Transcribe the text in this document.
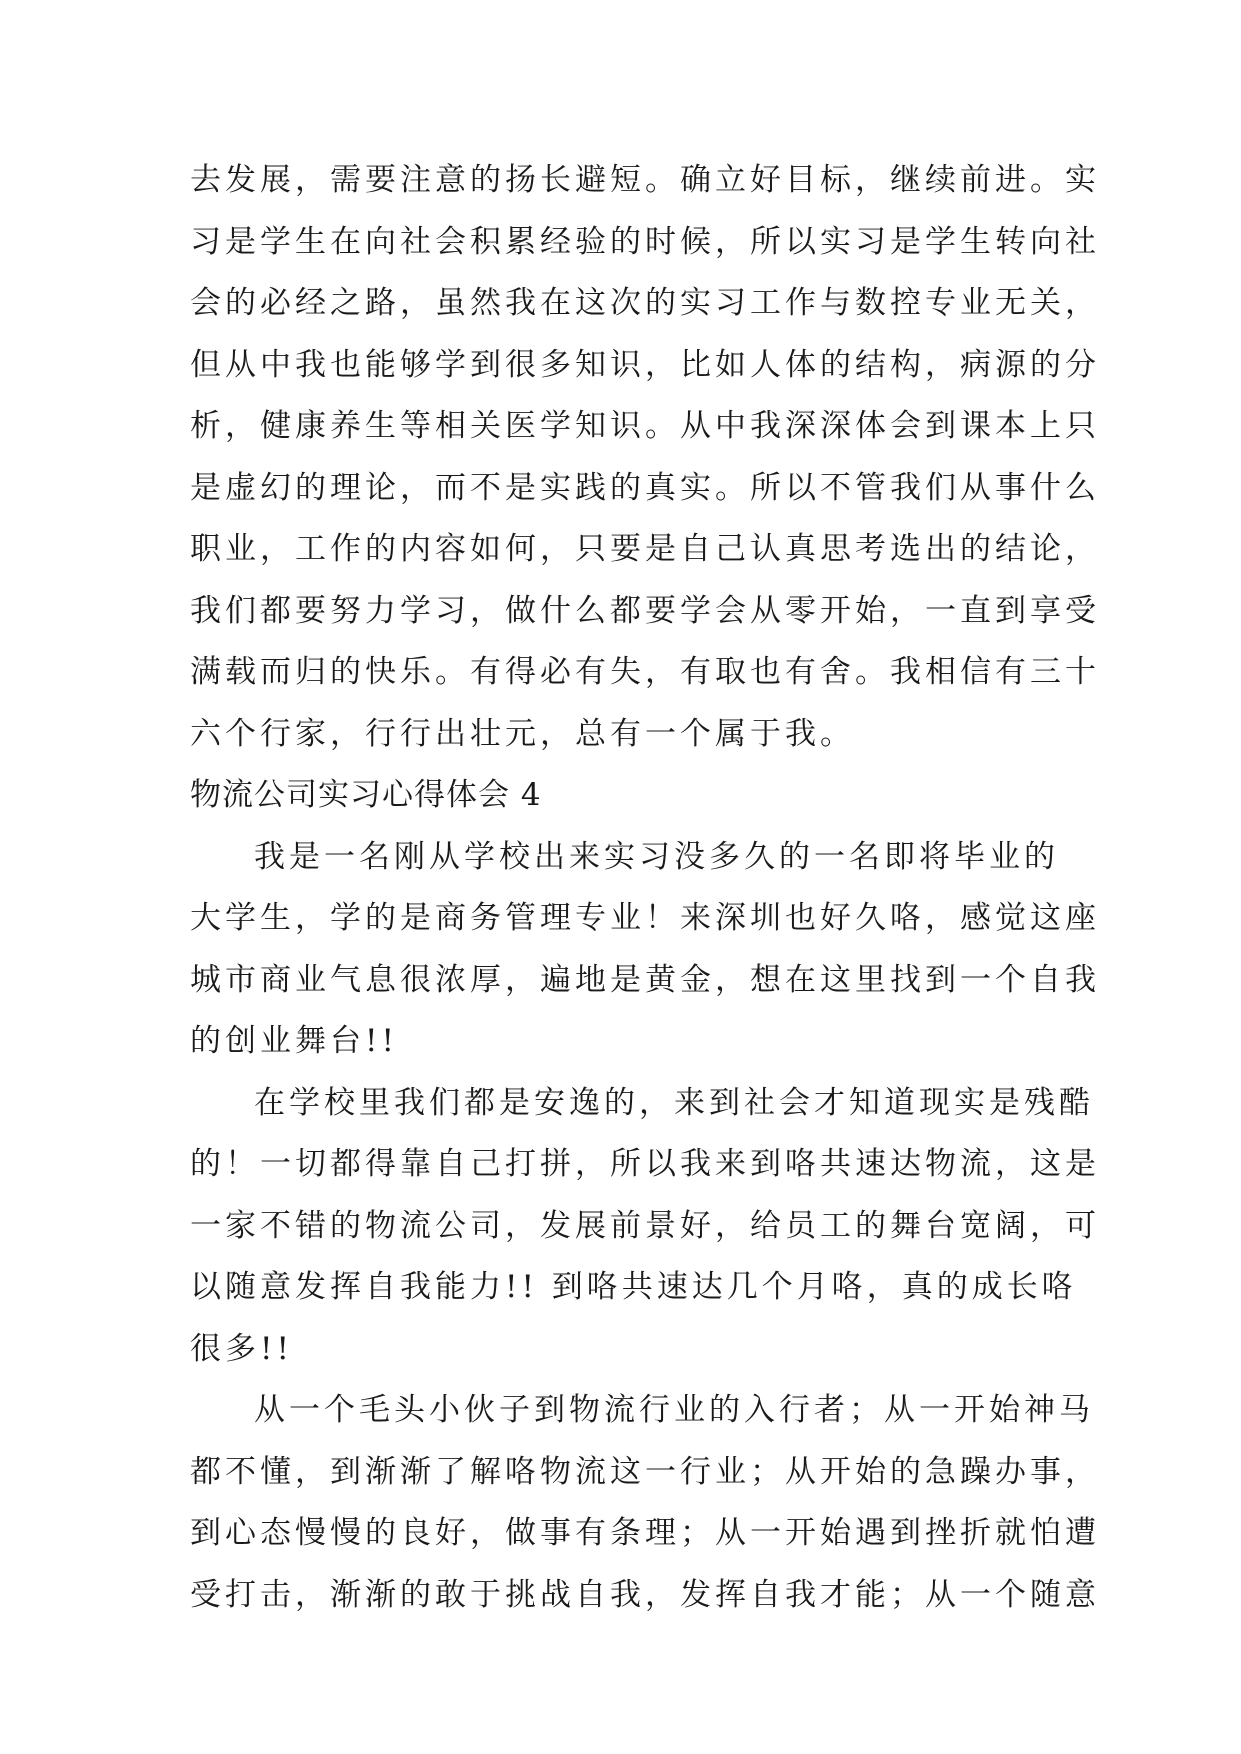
去发展，需要注意的扬长避短。确立好目标，继续前进。实
习是学生在向社会积累经验的时候，所以实习是学生转向社
会的必经之路，虽然我在这次的实习工作与数控专业无关，
但从中我也能够学到很多知识，比如人体的结构，病源的分
析，健康养生等相关医学知识。从中我深深体会到课本上只
是虚幻的理论，而不是实践的真实。所以不管我们从事什么
职业，工作的内容如何，只要是自己认真思考选出的结论，
我们都要努力学习，做什么都要学会从零开始，一直到享受
满载而归的快乐。有得必有失，有取也有舍。我相信有三十
六个行家，行行出壮元，总有一个属于我。
物流公司实习心得体会 4
我是一名刚从学校出来实习没多久的一名即将毕业的
大学生，学的是商务管理专业！来深圳也好久咯，感觉这座
城市商业气息很浓厚，遍地是黄金，想在这里找到一个自我
的创业舞台!!
在学校里我们都是安逸的，来到社会才知道现实是残酷
的！一切都得靠自己打拼，所以我来到咯共速达物流，这是
一家不错的物流公司，发展前景好，给员工的舞台宽阔，可
以随意发挥自我能力!! 到咯共速达几个月咯，真的成长咯
很多!!
从一个毛头小伙子到物流行业的入行者；从一开始神马
都不懂，到渐渐了解咯物流这一行业；从开始的急躁办事，
到心态慢慢的良好，做事有条理；从一开始遇到挫折就怕遭
受打击，渐渐的敢于挑战自我，发挥自我才能；从一个随意
